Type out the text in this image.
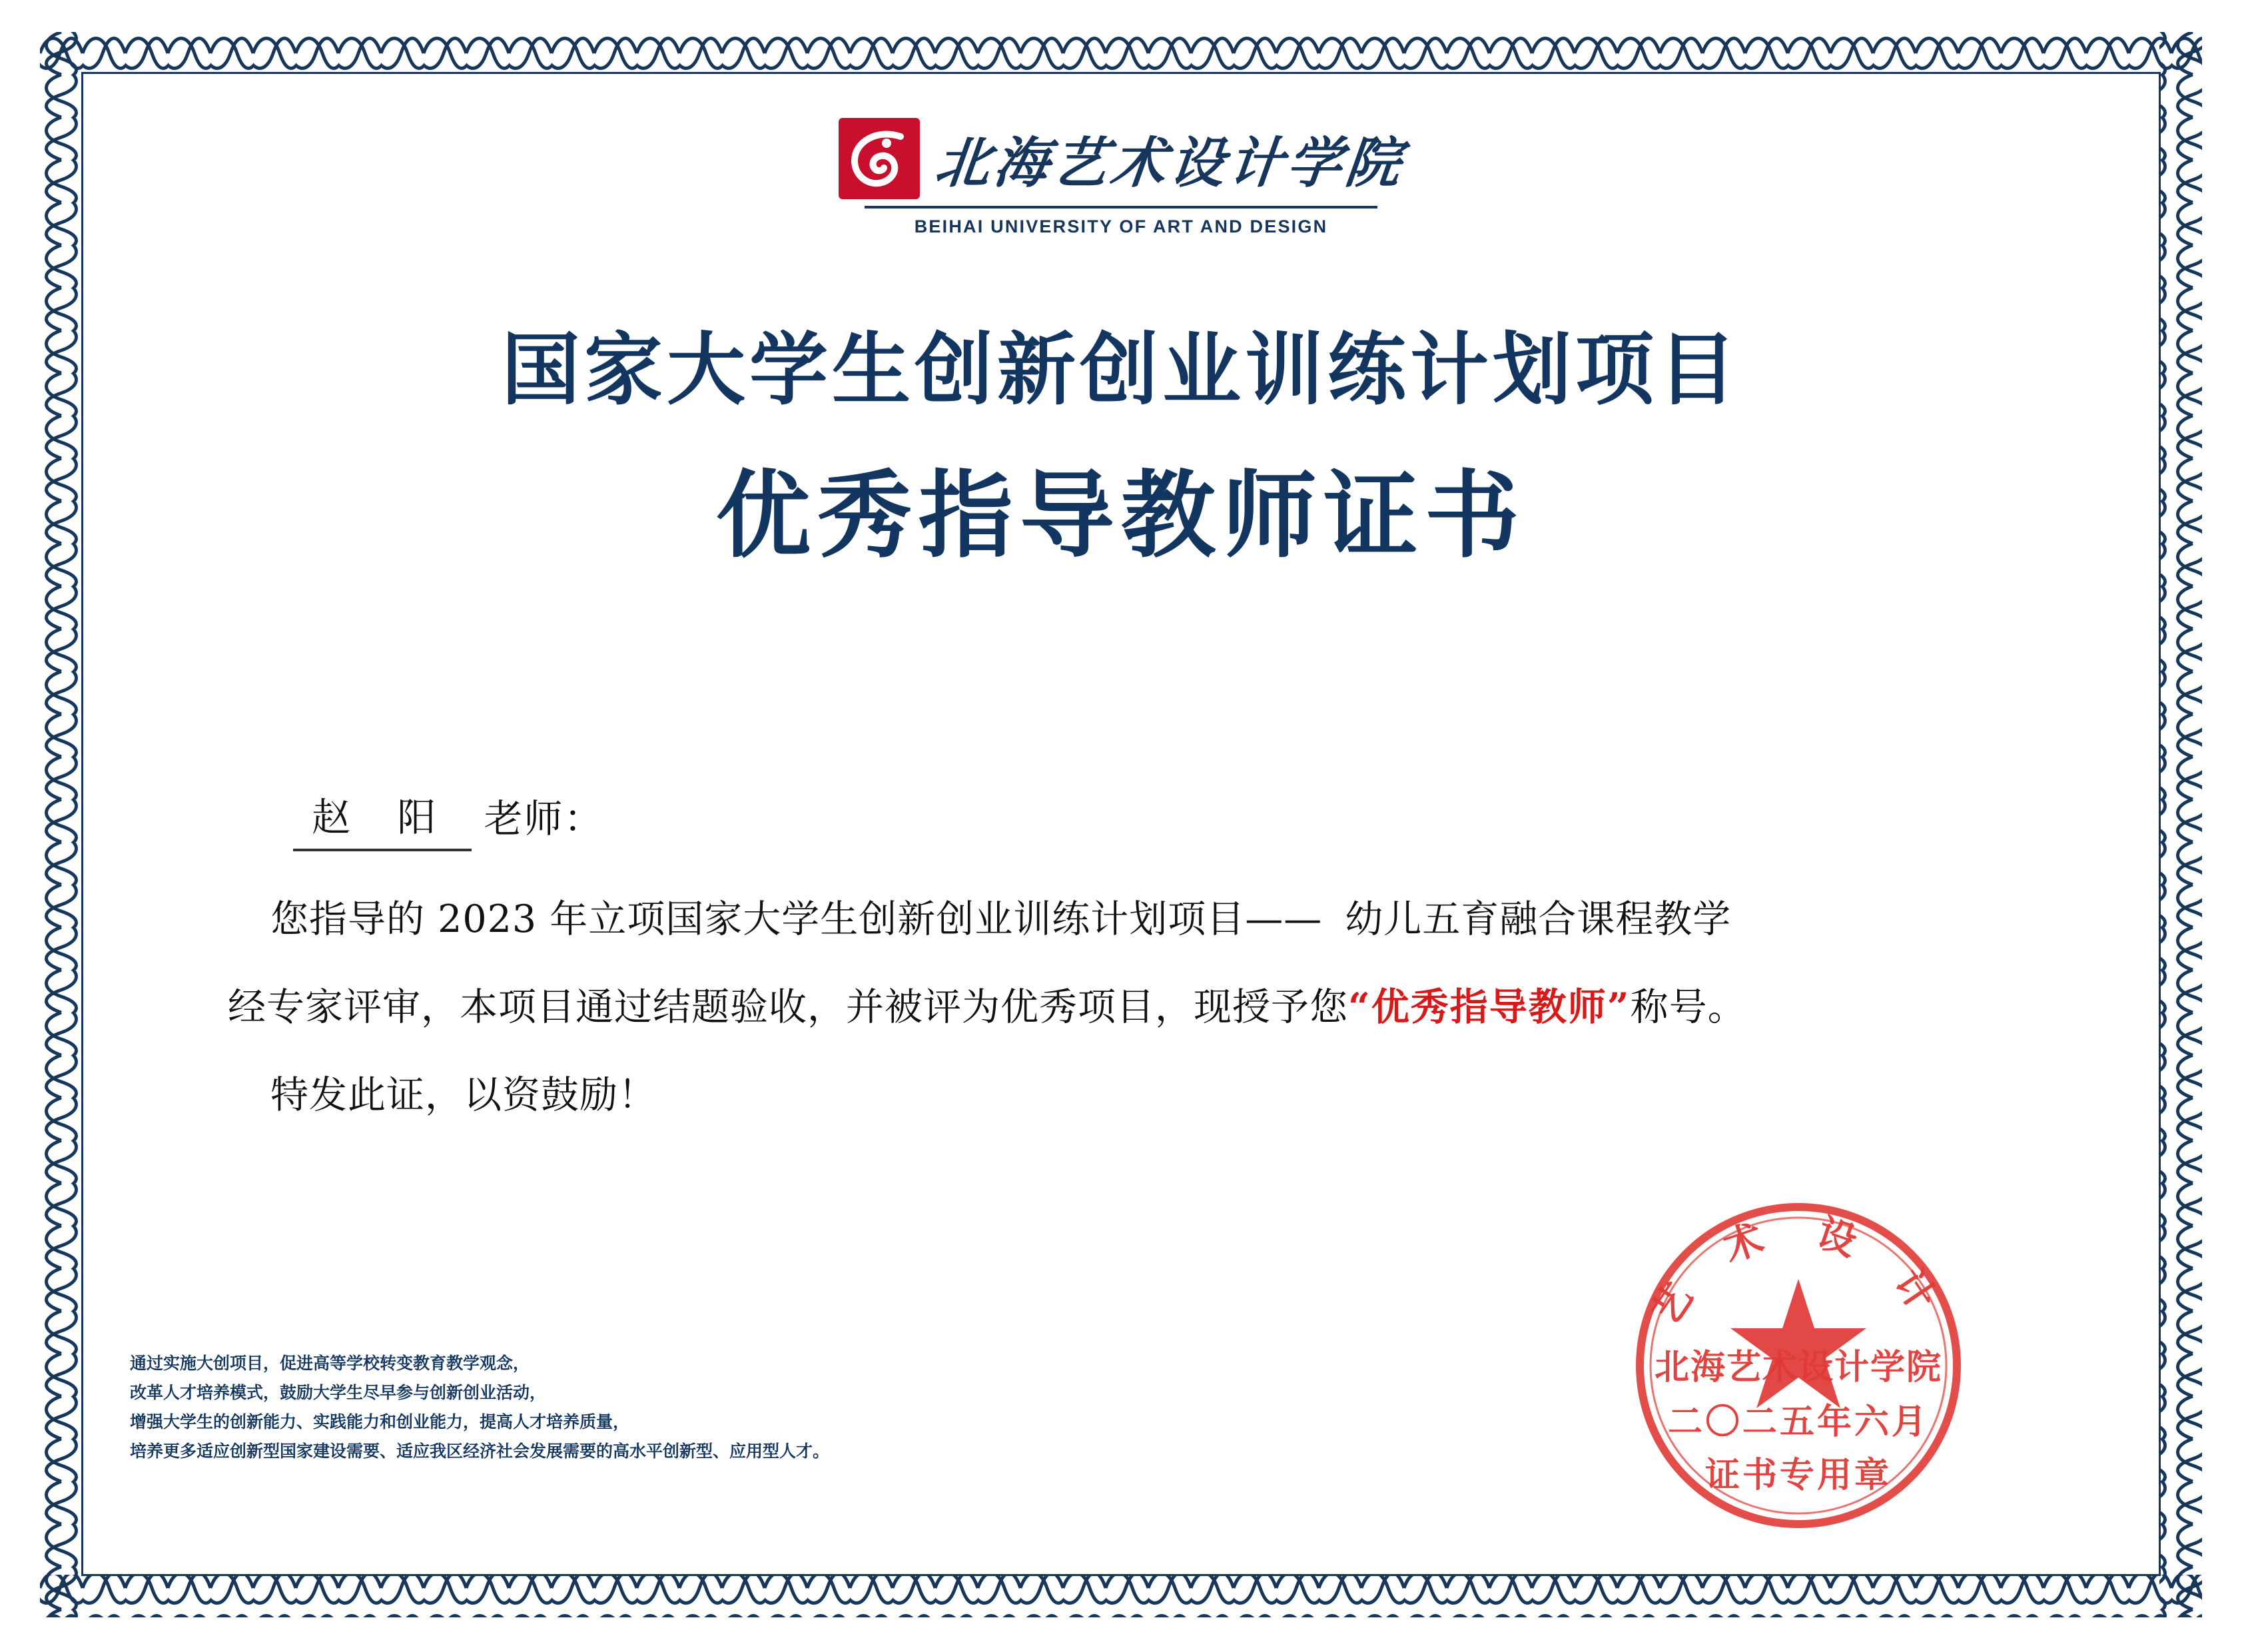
北海艺术设计学院
BEIHAI UNIVERSITY OF ART AND DESIGN
国家大学生创新创业训练计划项目
优秀指导教师证书
赵 阳 老师：
您指导的 2023 年立项国家大学生创新创业训练计划项目—— 幼儿五育融合课程教学
经专家评审，本项目通过结题验收，并被评为优秀项目，现授予您“优秀指导教师”称号。
特发此证，以资鼓励！
通过实施大创项目，促进高等学校转变教育教学观念，
改革人才培养模式，鼓励大学生尽早参与创新创业活动，
增强大学生的创新能力、实践能力和创业能力，提高人才培养质量，
培养更多适应创新型国家建设需要、适应我区经济社会发展需要的高水平创新型、应用型人才。
艺 术 设 计
北海艺术设计学院
二〇二五年六月
证书专用章
